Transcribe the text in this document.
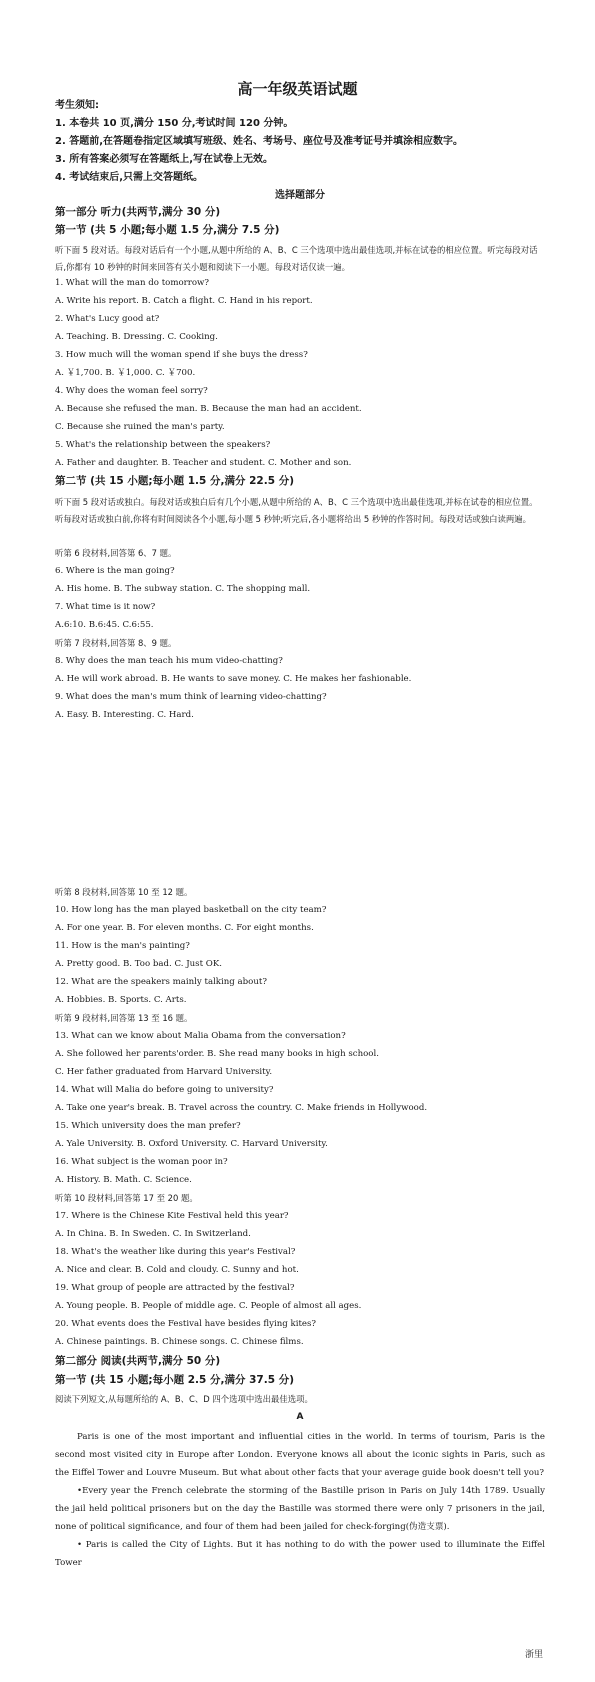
高一年级英语试题
考生须知:
1. 本卷共 10 页,满分 150 分,考试时间 120 分钟。
2. 答题前,在答题卷指定区域填写班级、姓名、考场号、座位号及准考证号并填涂相应数字。
3. 所有答案必须写在答题纸上,写在试卷上无效。
4. 考试结束后,只需上交答题纸。
选择题部分
第一部分 听力(共两节,满分 30 分)
第一节 (共 5 小题;每小题 1.5 分,满分 7.5 分)
听下面 5 段对话。每段对话后有一个小题,从题中所给的 A、B、C 三个选项中选出最佳选项,并标在试卷的相应位置。听完每段对话后,你都有 10 秒钟的时间来回答有关小题和阅读下一小题。每段对话仅读一遍。
1. What will the man do tomorrow?
A. Write his report. B. Catch a flight. C. Hand in his report.
2. What's Lucy good at?
A. Teaching. B. Dressing. C. Cooking.
3. How much will the woman spend if she buys the dress?
A. ￥1,700. B. ￥1,000. C. ￥700.
4. Why does the woman feel sorry?
A. Because she refused the man. B. Because the man had an accident.
C. Because she ruined the man's party.
5. What's the relationship between the speakers?
A. Father and daughter. B. Teacher and student. C. Mother and son.
第二节 (共 15 小题;每小题 1.5 分,满分 22.5 分)
听下面 5 段对话或独白。每段对话或独白后有几个小题,从题中所给的 A、B、C 三个选项中选出最佳选项,并标在试卷的相应位置。听每段对话或独白前,你将有时间阅读各个小题,每小题 5 秒钟;听完后,各小题将给出 5 秒钟的作答时间。每段对话或独白读两遍。
听第 6 段材料,回答第 6、7 题。
6. Where is the man going?
A. His home. B. The subway station. C. The shopping mall.
7. What time is it now?
A.6:10. B.6:45. C.6:55.
听第 7 段材料,回答第 8、9 题。
8. Why does the man teach his mum video-chatting?
A. He will work abroad. B. He wants to save money. C. He makes her fashionable.
9. What does the man's mum think of learning video-chatting?
A. Easy. B. Interesting. C. Hard.
听第 8 段材料,回答第 10 至 12 题。
10. How long has the man played basketball on the city team?
A. For one year. B. For eleven months. C. For eight months.
11. How is the man's painting?
A. Pretty good. B. Too bad. C. Just OK.
12. What are the speakers mainly talking about?
A. Hobbies. B. Sports. C. Arts.
听第 9 段材料,回答第 13 至 16 题。
13. What can we know about Malia Obama from the conversation?
A. She followed her parents'order. B. She read many books in high school.
C. Her father graduated from Harvard University.
14. What will Malia do before going to university?
A. Take one year's break. B. Travel across the country. C. Make friends in Hollywood.
15. Which university does the man prefer?
A. Yale University. B. Oxford University. C. Harvard University.
16. What subject is the woman poor in?
A. History. B. Math. C. Science.
听第 10 段材料,回答第 17 至 20 题。
17. Where is the Chinese Kite Festival held this year?
A. In China. B. In Sweden. C. In Switzerland.
18. What's the weather like during this year's Festival?
A. Nice and clear. B. Cold and cloudy. C. Sunny and hot.
19. What group of people are attracted by the festival?
A. Young people. B. People of middle age. C. People of almost all ages.
20. What events does the Festival have besides flying kites?
A. Chinese paintings. B. Chinese songs. C. Chinese films.
第二部分 阅读(共两节,满分 50 分)
第一节 (共 15 小题;每小题 2.5 分,满分 37.5 分)
阅读下列短文,从每题所给的 A、B、C、D 四个选项中选出最佳选项。
A
Paris is one of the most important and influential cities in the world. In terms of tourism, Paris is the second most visited city in Europe after London. Everyone knows all about the iconic sights in Paris, such as the Eiffel Tower and Louvre Museum. But what about other facts that your average guide book doesn't tell you?
•Every year the French celebrate the storming of the Bastille prison in Paris on July 14th 1789. Usually the jail held political prisoners but on the day the Bastille was stormed there were only 7 prisoners in the jail, none of political significance, and four of them had been jailed for check-forging(伪造支票).
• Paris is called the City of Lights. But it has nothing to do with the power used to illuminate the Eiffel Tower
浙里
